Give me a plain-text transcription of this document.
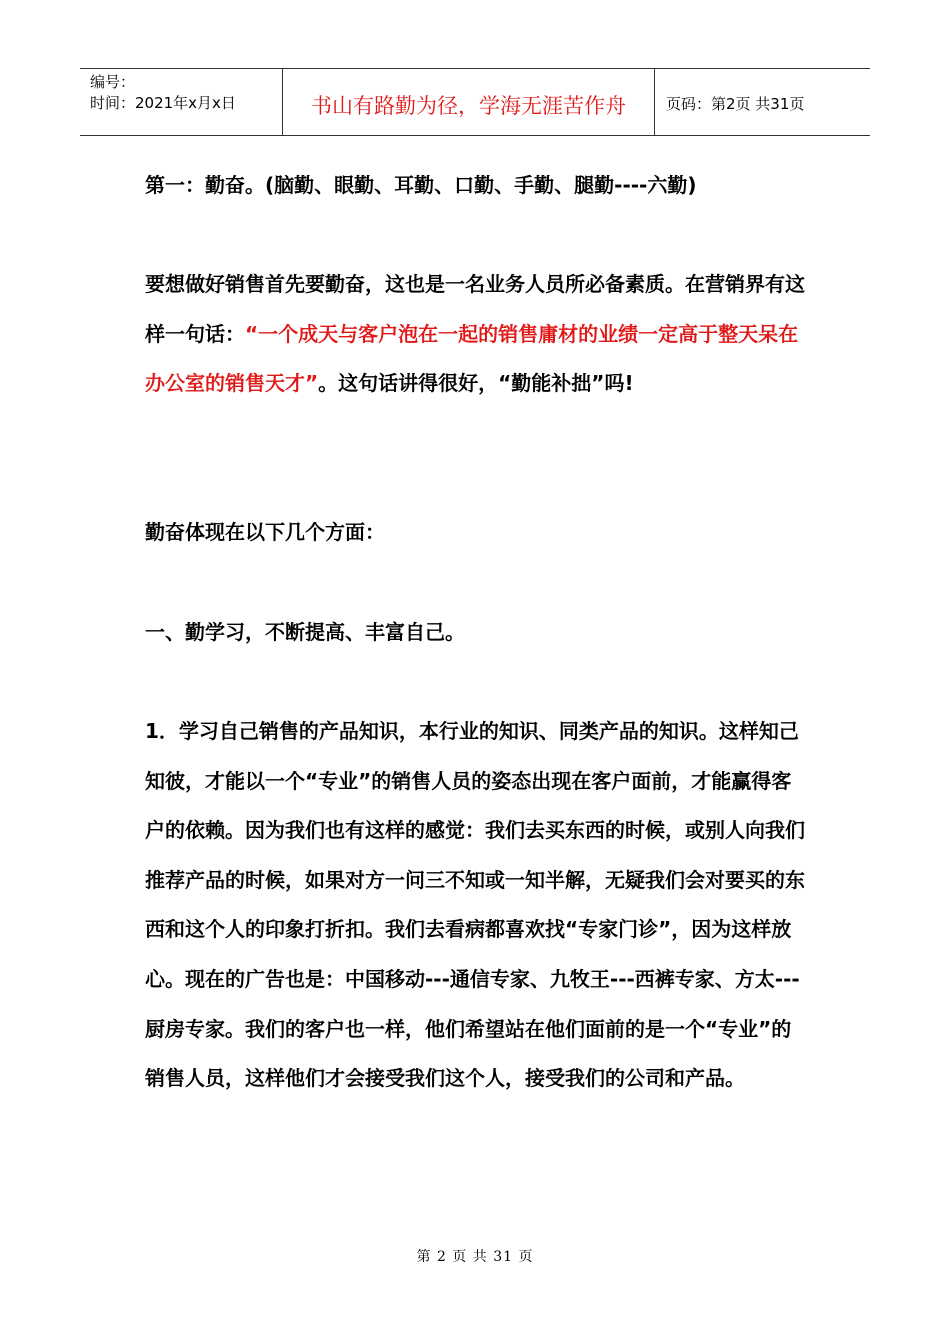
编号：
时间：2021年x月x日	书山有路勤为径，学海无涯苦作舟	页码：第2页 共31页

第一：勤奋。(脑勤、眼勤、耳勤、口勤、手勤、腿勤----六勤)

要想做好销售首先要勤奋，这也是一名业务人员所必备素质。在营销界有这样一句话：“一个成天与客户泡在一起的销售庸材的业绩一定高于整天呆在办公室的销售天才”。这句话讲得很好，“勤能补拙”吗!

勤奋体现在以下几个方面：

一、勤学习，不断提高、丰富自己。

1．学习自己销售的产品知识，本行业的知识、同类产品的知识。这样知己知彼，才能以一个“专业”的销售人员的姿态出现在客户面前，才能赢得客户的依赖。因为我们也有这样的感觉：我们去买东西的时候，或别人向我们推荐产品的时候，如果对方一问三不知或一知半解，无疑我们会对要买的东西和这个人的印象打折扣。我们去看病都喜欢找“专家门诊”，因为这样放心。现在的广告也是：中国移动---通信专家、九牧王---西裤专家、方太---厨房专家。我们的客户也一样，他们希望站在他们面前的是一个“专业”的销售人员，这样他们才会接受我们这个人，接受我们的公司和产品。

第 2 页 共 31 页
